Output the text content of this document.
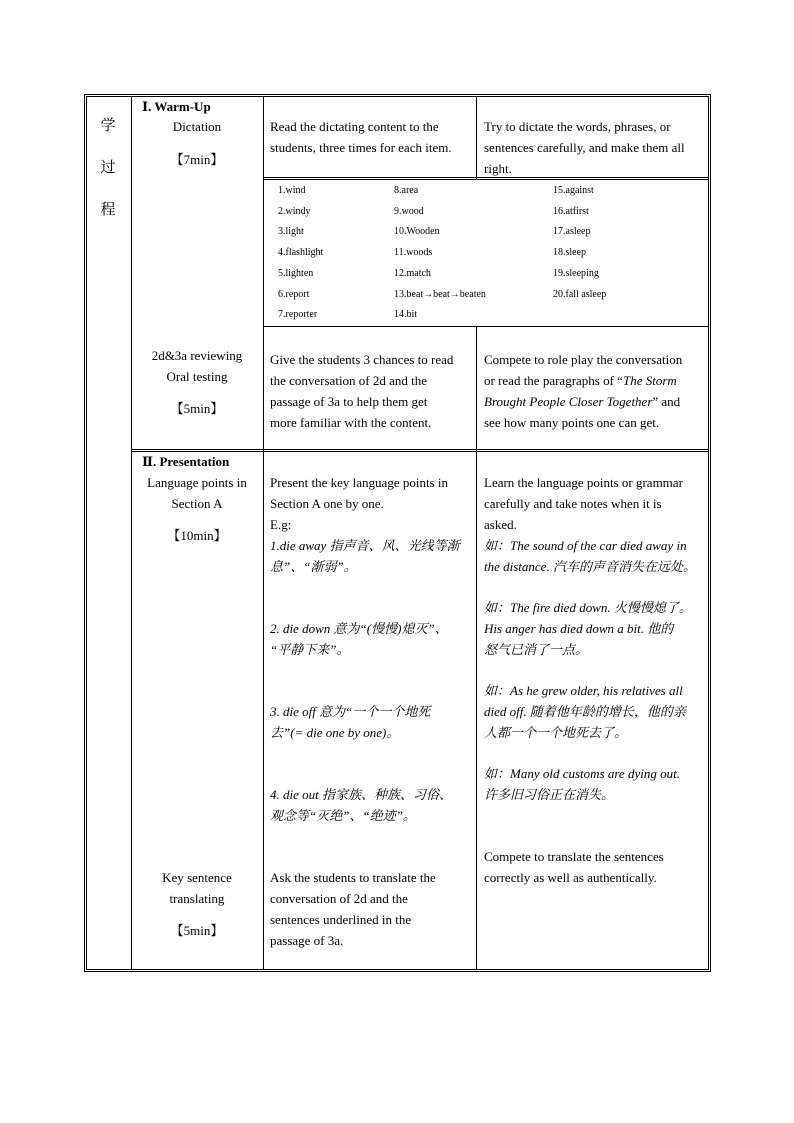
学
过
程
Ⅰ. Warm-Up
Dictation
【7min】
Read the dictating content to the
students, three times for each item.
Try to dictate the words, phrases, or
sentences carefully, and make them all
right.
1.wind
2.windy
3.light
4.flashlight
5.lighten
6.report
7.reporter
8.area
9.wood
10.Wooden
11.woods
12.match
13.beat→beat→beaten
14.bit
15.against
16.atfirst
17.asleep
18.sleep
19.sleeping
20.fall asleep
2d&3a reviewing
Oral testing
【5min】
Give the students 3 chances to read
the conversation of 2d and the
passage of 3a to help them get
more familiar with the content.
Compete to role play the conversation
or read the paragraphs of “The Storm
Brought People Closer Together” and
see how many points one can get.
Ⅱ. Presentation
Language points in
Section A
【10min】
Present the key language points in
Section A one by one.
E.g:
Learn the language points or grammar
carefully and take notes when it is
asked.
1.die away 指声音、风、光线等渐
息”、“渐弱”。
如：The sound of the car died away in
the distance. 汽车的声音消失在远处。
2. die down 意为“(慢慢)熄灭”、
“平静下来”。
如：The fire died down. 火慢慢熄了。
His anger has died down a bit. 他的
怒气已消了一点。
3. die off 意为“一个一个地死
去”(= die one by one)。
如：As he grew older, his relatives all
died off. 随着他年龄的增长，他的亲
人都一个一个地死去了。
4. die out 指家族、种族、习俗、
观念等“灭绝”、“绝迹”。
如：Many old customs are dying out.
许多旧习俗正在消失。
Key sentence
translating
【5min】
Ask the students to translate the
conversation of 2d and the
sentences underlined in the
passage of 3a.
Compete to translate the sentences
correctly as well as authentically.
